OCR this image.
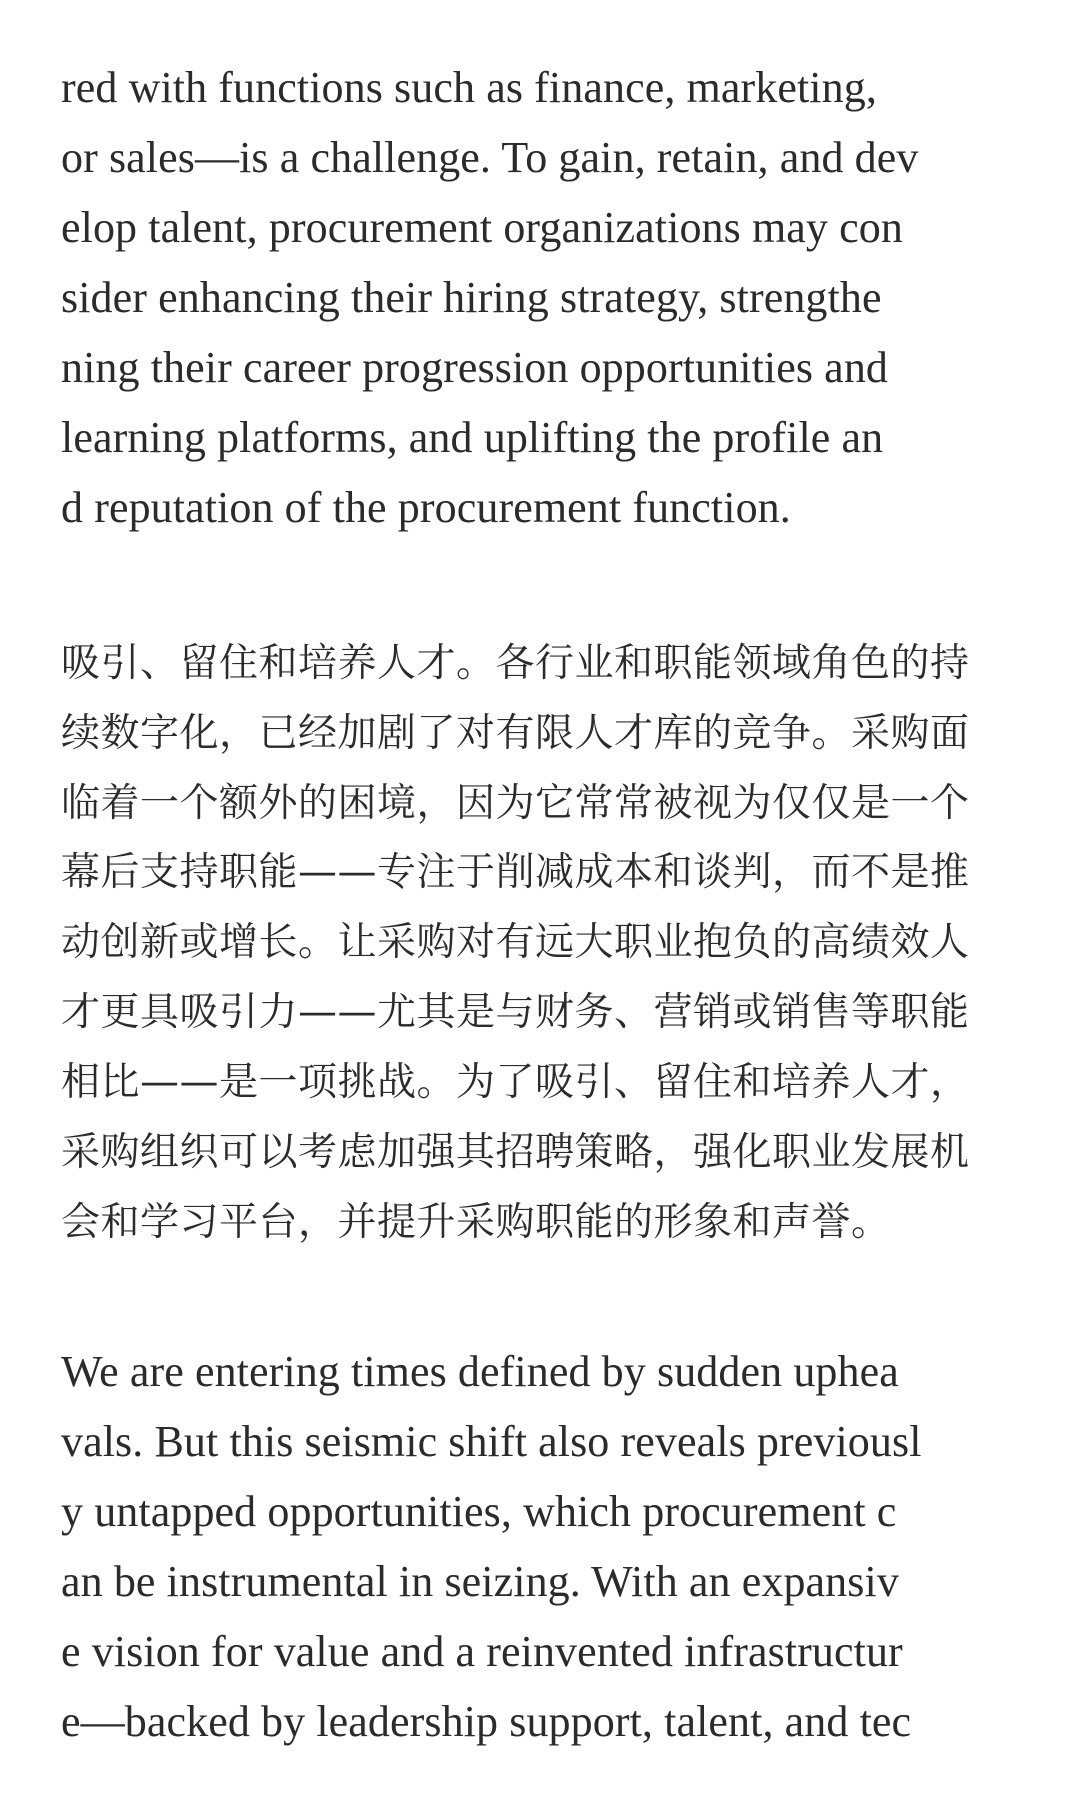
red with functions such as finance, marketing,
or sales—is a challenge. To gain, retain, and dev
elop talent, procurement organizations may con
sider enhancing their hiring strategy, strengthe
ning their career progression opportunities and
learning platforms, and uplifting the profile an
d reputation of the procurement function.
吸引、留住和培养人才。各行业和职能领域角色的持
续数字化，已经加剧了对有限人才库的竞争。采购面
临着一个额外的困境，因为它常常被视为仅仅是一个
幕后支持职能——专注于削减成本和谈判，而不是推
动创新或增长。让采购对有远大职业抱负的高绩效人
才更具吸引力——尤其是与财务、营销或销售等职能
相比——是一项挑战。为了吸引、留住和培养人才，
采购组织可以考虑加强其招聘策略，强化职业发展机
会和学习平台，并提升采购职能的形象和声誉。
We are entering times defined by sudden uphea
vals. But this seismic shift also reveals previousl
y untapped opportunities, which procurement c
an be instrumental in seizing. With an expansiv
e vision for value and a reinvented infrastructur
e—backed by leadership support, talent, and tec
